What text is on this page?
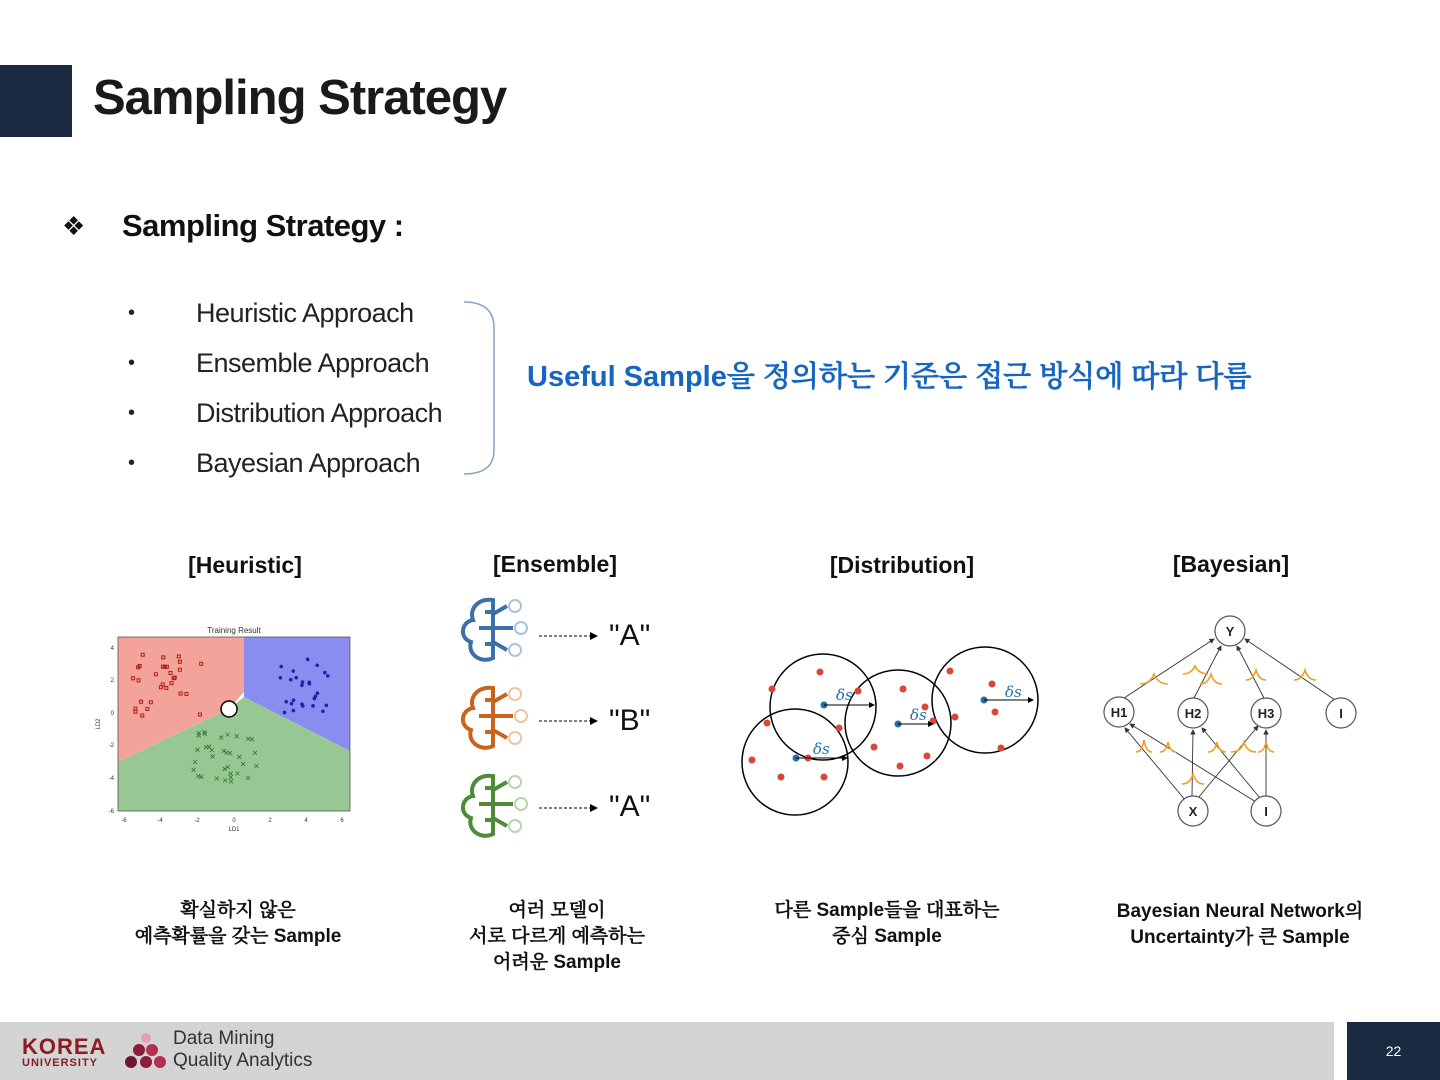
Sampling Strategy
❖	Sampling Strategy :
•	Heuristic Approach
•	Ensemble Approach
•	Distribution Approach
•	Bayesian Approach
Useful Sample을 정의하는 기준은 접근 방식에 따라 다름
[Heuristic]	[Ensemble]	[Distribution]	[Bayesian]
Training Result
-6	-4	-2	0	2	4	6
LD1
4
2
0
-2
-4
-6
LD2
"A"
"B"
"A"
δs
δs
δs
δs
Y
H1	H2	H3	I
X	I
확실하지 않은
예측확률을 갖는 Sample
여러 모델이
서로 다르게 예측하는
어려운 Sample
다른 Sample들을 대표하는
중심 Sample
Bayesian Neural Network의
Uncertainty가 큰 Sample
KOREA
UNIVERSITY
Data Mining
Quality Analytics	22
